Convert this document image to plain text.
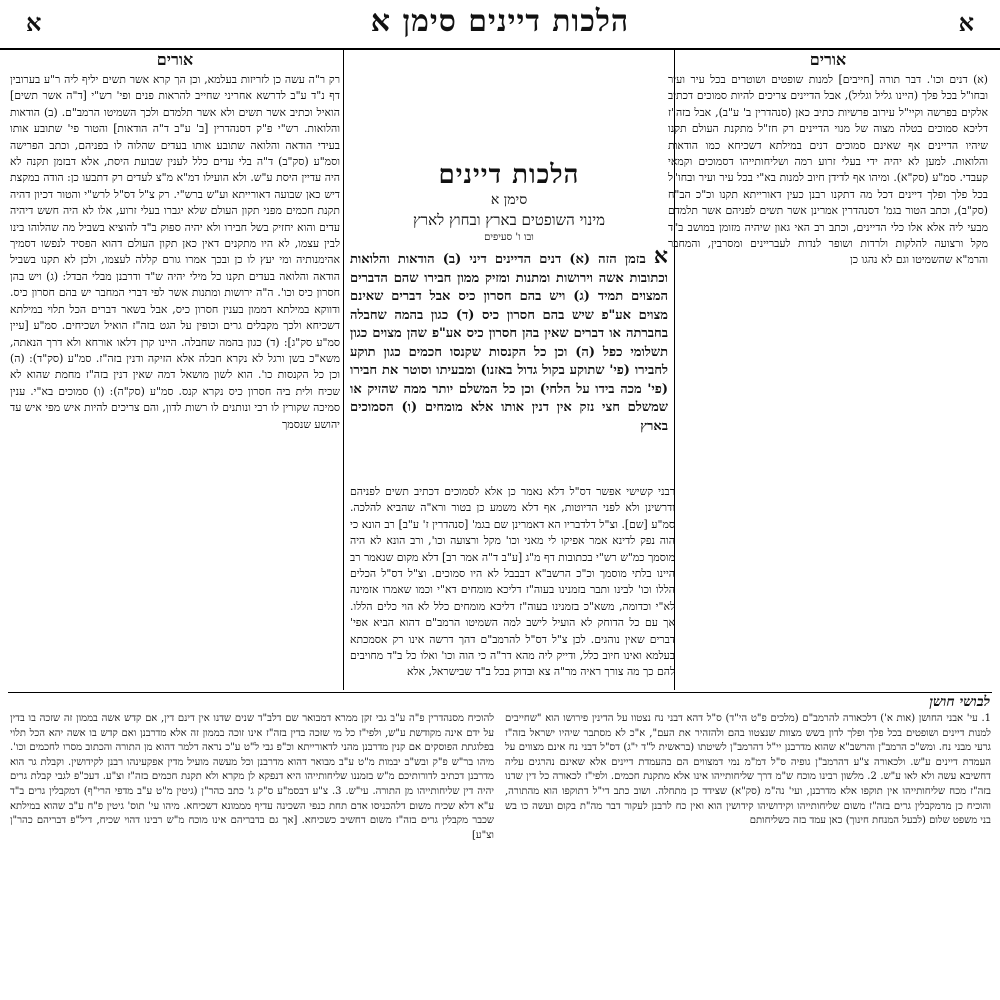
הלכות דיינים סימן א
א	א
אורים

(א) דנים וכו'. דבר תורה [חייבים] למנות שופטים ושוטרים בכל עיר ועיר ובחו"ל בכל פלך (היינו גליל וגליל), אבל הדיינים צריכים להיות סמוכים דכתיב אלקים בפרשה וקיי"ל עירוב פרשיות כתיב כאן (סנהדרין ב' ע"ב), אבל בזה"ז דליכא סמוכים בטלה מצוה של מנוי הדיינים רק חז"ל מתקנת העולם תקנו שיהיו הדיינים אף שאינם סמוכים דנים במילתא דשכיחא כמו הודאות והלואות. למען לא יהיה ידי בעלי זרוע רמה ושליחותייהו דסמוכים וקמאי קעבדי. סמ"ע (סק"א). ומיהו אף לדידן חיוב למנות בא"י בכל עיר ועיר ובחו"ל בכל פלך ופלך דיינים דכל מה דתקנו רבנן כעין דאורייתא תקנו וכ"כ הב"ח (סק"ב), וכתב הטור בגמ' דסנהדרין אמרינן אשר תשים לפניהם אשר תלמדם מבעי ליה אלא אלו כלי הדיינים, וכתב רב האי גאון שיהיה מזומן במושב ב"ד מקל ורצועה להלקות ולרדות ושופר לנדות לעבריינים ומסרבין, והמחבר והרמ"א שהשמיטו וגם לא נהגו כן

הלכות דיינים
סימן א
מינוי השופטים בארץ ובחוץ לארץ
ובו ו' סעיפים
א בזמן הזה (א) דנים הדיינים דיני (ב) הודאות והלואות וכתובות אשה וירושות ומתנות ומזיק ממון חבירו שהם הדברים המצוים תמיד (ג) ויש בהם חסרון כיס אבל דברים שאינם מצוים אע"פ שיש בהם חסרון כיס (ד) כגון בהמה שחבלה בחברתה או דברים שאין בהן חסרון כיס אע"פ שהן מצוים כגון תשלומי כפל (ה) וכן כל הקנסות שקנסו חכמים כגון תוקע לחבירו (פי' שתוקע בקול גדול באזנו) ומבעיתו וסוטר את חבירו (פי' מכה בידו על הלחי) וכן כל המשלם יותר ממה שהזיק או שמשלם חצי נזק אין דנין אותו אלא מומחים (ו) הסמוכים בארץ

רבני קשישי אפשר דס"ל דלא נאמר כן אלא לסמוכים דכתיב תשים לפניהם ודרשינן ולא לפני הדיוטות, אף דלא משמע כן בטור ורא"ה שהביא להלכה. סמ"ע [שם]. וצ"ל דלדבריו הא דאמרינן שם בגמ' [סנהדרין ז' ע"ב] רב הונא כי הוה נפק לדינא אמר אפיקו לי מאני וכו' מקל ורצועה וכו', ורב הונא לא היה מוסמך כמ"ש רש"י בכתובות דף מ"ג [ע"ב ד"ה אמר רב] דלא מקום שנאמר רב היינו בלתי מוסמך וכ"כ הרשב"א דבבבל לא היו סמוכים. וצ"ל דס"ל הכלים הללו וכו' לבינו ותבר בזמנינו בעוה"ז דליכא מומחים דא"י וכמו שאמרו אזמינה לא"י וכדומה, משא"כ בזמנינו בעוה"ז דליכא מומחים כלל לא הוי כלים הללו. אך עם כל הדוחק לא הועיל לישב למה השמיטו הרמב"ם דהוא הביא אפי' דברים שאין נוהגים. לכן צ"ל דס"ל להרמב"ם דהך דרשה אינו רק אסמכתא בעלמא ואינו חיוב כלל, ודייק ליה מהא דר"ה כי הוה וכו' ואלו כל ב"ד מחויבים להם כך מה צורך ראיה מר"ה צא ובדוק בכל ב"ד שבישראל, אלא

אורים

רק ר"ה עשה כן לזריזות בעלמא, וכן הך קרא אשר תשים יליף ליה ר"ע בערובין דף נ"ד ע"ב לדרשא אחריני שחייב להראות פנים ופי' רש"י [ד"ה אשר תשים] הואיל וכתיב אשר תשים ולא אשר תלמדם ולכך השמיטו הרמב"ם. (ב) הודאות והלואות. רש"י פ"ק דסנהדרין [ב' ע"ב ד"ה הודאות] והטור פי' שתובע אותו בעידי הודאה והלואה שתובע אותו בעדים שהלוה לו בפניהם, וכתב הפרישה וסמ"ע (סק"ב) ד"ה בלי עדים כלל לענין שבועת היסת, אלא דבזמן תקנה לא היה עדיין היסת ע"ש. ולא הועילו דמ"א מ"צ לעדים רק דתבעו כן: הודה במקצת דיש כאן שבועה דאורייתא וע"ש ברש"י. רק צ"ל דס"ל לרש"י והטור דכיון דהיה תקנת חכמים מפני תקון העולם שלא יגברו בעלי זרוע, אלו לא היה חשש דיהיה עדים והוא יחזיק בשל חבירו ולא יהיה ספוק ב"ד להוציא בשביל מה שהלוהו בינו לבין עצמו, לא היו מתקנים דאין כאן תקון העולם דהוא הפסיד לנפשו דסמיך אהימנותיה ומי יעץ לו כן ובכך אמרו גורם קללה לעצמו, ולכן לא תקנו בשביל הודאה והלואה בעדים תקנו כל מילי יהיה ש"ד ודרבנן מבלי הבדל: (ג) ויש בהן חסרון כיס וכו'. ה"ה ירושות ומתנות אשר לפי דברי המחבר יש בהם חסרון כיס. ודווקא במילתא דממון בענין חסרון כיס, אבל בשאר דברים הכל תלוי במילתא דשכיחא ולכך מקבלים גרים וכופין על הגט בזה"ז הואיל ושכיחים. סמ"ע [עיין סמ"ע סק"ג]: (ד) כגון בהמה שחבלה. היינו קרן דלאו אורחא ולא דרך הנאתה, משא"כ בשן ורגל לא נקרא חבלה אלא הזיקה ודנין בזה"ז. סמ"ע (סק"ד): (ה) וכן כל הקנסות כו'. הוא לשון מושאל דמה שאין דנין בזה"ז מחמת שהוא לא שכיח ולית ביה חסרון כיס נקרא קנס. סמ"ע (סק"ה): (ו) סמוכים בא"י. ענין סמיכה שקורין לו רבי ונותנים לו רשות לדון, והם צריכים להיות איש מפי איש עד יהושע שנסמך

לבושי חושן

1. עי' אבני החושן (אות א') דלכאורה להרמב"ם (מלכים פ"ט הי"ד) ס"ל דהא דבני נח נצטוו על הדינין פירושו הוא "שחייבים למנות דיינים ושופטים בכל פלך ופלך לדון בשש מצוות שנצטוו בהם ולהזהיר את העם", א"כ לא מסתבר שיהיו ישראל בזה"ז גרעי מבני נח. ומש"כ הרמב"ן והרשב"א שהוא מדרבנן יי"ל דהרמב"ן לשיטתו (בראשית ל"ד י"ג) דס"ל דבני נח אינם מצווים על העמדת דיינים ע"ש. ולכאורה צ"ע דהרמב"ן גופיה ס"ל דמ"מ נמי דמצווים הם בהעמדת דיינים אלא שאינם נהרגים עליה דחשיבא עשה ולא לאו ע"ש. 2. מלשון רבינו מוכח ש"מ דרך שליחותייהו אינו אלא מתקנת חכמים. ולפי"ז לכאורה כל דין שדנו בזה"ז מכח שליחותייהו אין תוקפו אלא מדרבנן, ועי' נה"מ (סק"א) שצידד כן מתחלה. ושוב כתב די"ל דתוקפו הוא מהתורה, והוכיח כן מדמקבלין גרים בזה"ז משום שליחותייהו וקידושיהו קידושין הוא ואין כח לרבנן לעקור דבר מה"ת בקום ועשה כו בש בני משפט שלום (לבעל המנחת חינוך) כאן עמד בזה כשליחותם

להוכיח מסנהדרין פ"ה ע"ב גבי זקן ממרא דמבואר שם דלב"ד שנים שדנו אין דינם דין, אם קדש אשה בממון זה שזכה בו בדין על ידם אינה מקודשת ע"ש, ולפי"ז כל מי שזכה בדין בזה"ז אינו זוכה בממון זה אלא מדרבנן ואם קדש בו אשה יהא הכל תלוי בפלוגתת הפוסקים אם קנין מדרבנן מהני לדאורייתא וכ"פ גבי ל"ט ע"כ נראה דלמר דהוא מן התורה והכתוב מסרו לחכמים וכו'. מיהו בר"ש פ"ק ובש"ב יבמות מ"ט ע"ב מבואר דהוא מדרבנן וכל מעשה מועיל מדין אפקעינהו רבנן לקידושין. וקבלת גר הוא מדרבנן דכתיב לדורותיכם מ"ש בזמננו שליחותייהו היא דנפקא לן מקרא ולא תקנת חכמים בזה"ז וצ"ע. דעכ"פ לגבי קבלת גרים יהיה דין שליחותייהו מן התורה. עי"ש. 3. צ"ע דבסמ"ע ס"ק ג' כתב כהר"ן (גיטין מ"ט ע"ב מדפי הרי"ף) דמקבלין גרים ב"ד ע"א דלא שכיח משום דלהכניסו אדם תחת כנפי השכינה עדיף מממונא דשכיחא. מיהו עי' תוס' גיטין פ"ח ע"ב שהוא במילתא שכבר מקבלין גרים בזה"ז משום דחשיב כשכיחא. [אך גם בדבריהם אינו מוכח מ"ש רבינו דהוי שכיח, דיל"פ דבריהם כהר"ן וצ"ע]
